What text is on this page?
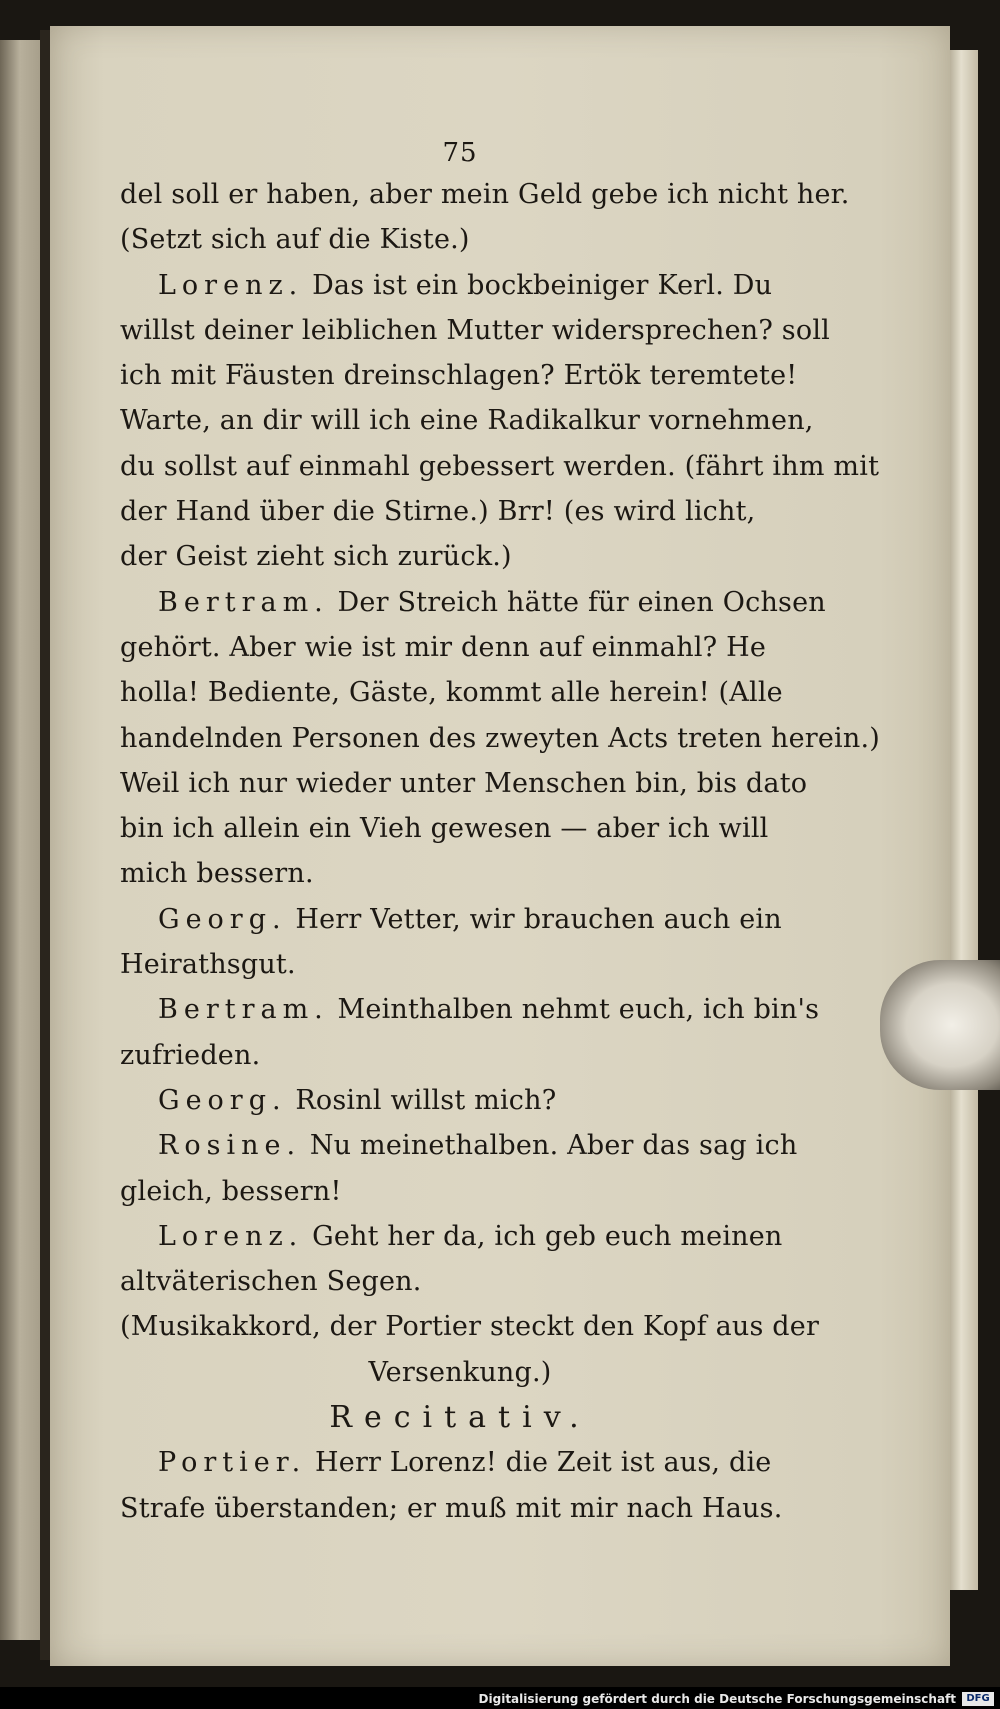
75
del soll er haben, aber mein Geld gebe ich nicht her.
(Setzt sich auf die Kiste.)
Lorenz. Das ist ein bockbeiniger Kerl. Du
willst deiner leiblichen Mutter widersprechen? soll
ich mit Fäusten dreinschlagen? Ertök teremtete!
Warte, an dir will ich eine Radikalkur vornehmen,
du sollst auf einmahl gebessert werden. (fährt ihm mit
der Hand über die Stirne.) Brr! (es wird licht,
der Geist zieht sich zurück.)
Bertram. Der Streich hätte für einen Ochsen
gehört. Aber wie ist mir denn auf einmahl? He
holla! Bediente, Gäste, kommt alle herein! (Alle
handelnden Personen des zweyten Acts treten herein.)
Weil ich nur wieder unter Menschen bin, bis dato
bin ich allein ein Vieh gewesen — aber ich will
mich bessern.
Georg. Herr Vetter, wir brauchen auch ein
Heirathsgut.
Bertram. Meinthalben nehmt euch, ich bin's
zufrieden.
Georg. Rosinl willst mich?
Rosine. Nu meinethalben. Aber das sag ich
gleich, bessern!
Lorenz. Geht her da, ich geb euch meinen
altväterischen Segen.
(Musikakkord, der Portier steckt den Kopf aus der
Versenkung.)
Recitativ.
Portier. Herr Lorenz! die Zeit ist aus, die
Strafe überstanden; er muß mit mir nach Haus.
Digitalisierung gefördert durch die Deutsche Forschungsgemeinschaft	DFG
